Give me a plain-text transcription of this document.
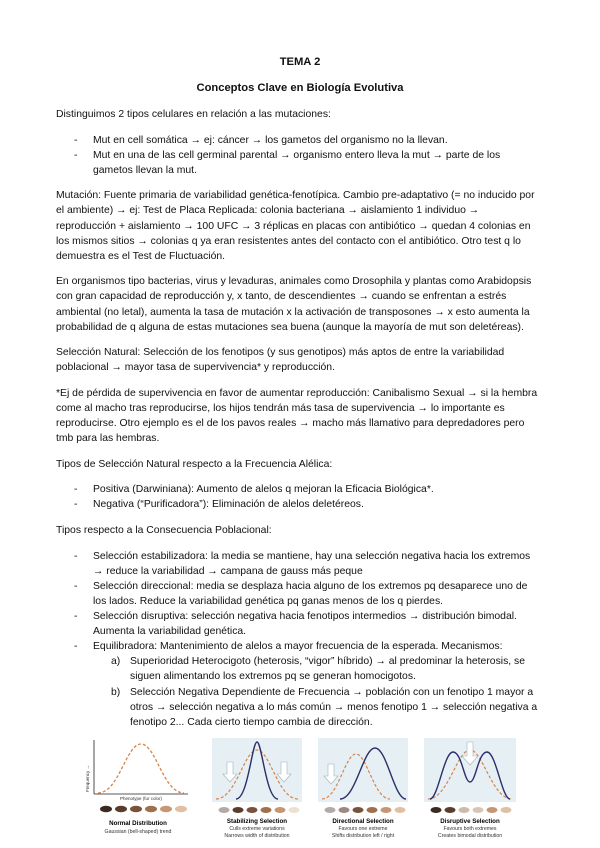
TEMA 2
Conceptos Clave en Biología Evolutiva

Distinguimos 2 tipos celulares en relación a las mutaciones:

- Mut en cell somática → ej: cáncer → los gametos del organismo no la llevan.
- Mut en una de las cell germinal parental → organismo entero lleva la mut → parte de los gametos llevan la mut.

Mutación: Fuente primaria de variabilidad genética-fenotípica. Cambio pre-adaptativo (= no inducido por el ambiente) → ej: Test de Placa Replicada: colonia bacteriana → aislamiento 1 individuo → reproducción + aislamiento → 100 UFC → 3 réplicas en placas con antibiótico → quedan 4 colonias en los mismos sitios → colonias q ya eran resistentes antes del contacto con el antibiótico. Otro test q lo demuestra es el Test de Fluctuación.

En organismos tipo bacterias, virus y levaduras, animales como Drosophila y plantas como Arabidopsis con gran capacidad de reproducción y, x tanto, de descendientes → cuando se enfrentan a estrés ambiental (no letal), aumenta la tasa de mutación x la activación de transposones → x esto aumenta la probabilidad de q alguna de estas mutaciones sea buena (aunque la mayoría de mut son deletéreas).

Selección Natural: Selección de los fenotipos (y sus genotipos) más aptos de entre la variabilidad poblacional → mayor tasa de supervivencia* y reproducción.

*Ej de pérdida de supervivencia en favor de aumentar reproducción: Canibalismo Sexual → si la hembra come al macho tras reproducirse, los hijos tendrán más tasa de supervivencia → lo importante es reproducirse. Otro ejemplo es el de los pavos reales → macho más llamativo para depredadores pero tmb para las hembras.

Tipos de Selección Natural respecto a la Frecuencia Alélica:

- Positiva (Darwiniana): Aumento de alelos q mejoran la Eficacia Biológica*.
- Negativa (“Purificadora”): Eliminación de alelos deletéreos.

Tipos respecto a la Consecuencia Poblacional:

- Selección estabilizadora: la media se mantiene, hay una selección negativa hacia los extremos → reduce la variabilidad → campana de gauss más peque
- Selección direccional: media se desplaza hacia alguno de los extremos pq desaparece uno de los lados. Reduce la variabilidad genética pq ganas menos de los q pierdes.
- Selección disruptiva: selección negativa hacia fenotipos intermedios → distribución bimodal. Aumenta la variabilidad genética.
- Equilibradora: Mantenimiento de alelos a mayor frecuencia de la esperada. Mecanismos:
a) Superioridad Heterocigoto (heterosis, “vigor” híbrido) → al predominar la heterosis, se siguen alimentando los extremos pq se generan homocigotos.
b) Selección Negativa Dependiente de Frecuencia → población con un fenotipo 1 mayor a otros → selección negativa a lo más común → menos fenotipo 1 → selección negativa a fenotipo 2... Cada cierto tiempo cambia de dirección.
Frequency →
Phenotype (fur color)
Normal Distribution
Gaussian (bell-shaped) trend
Stabilizing Selection
Culls extreme variations
Narrows width of distribution
Directional Selection
Favours one extreme
Shifts distribution left / right
Disruptive Selection
Favours both extremes
Creates bimodal distribution
